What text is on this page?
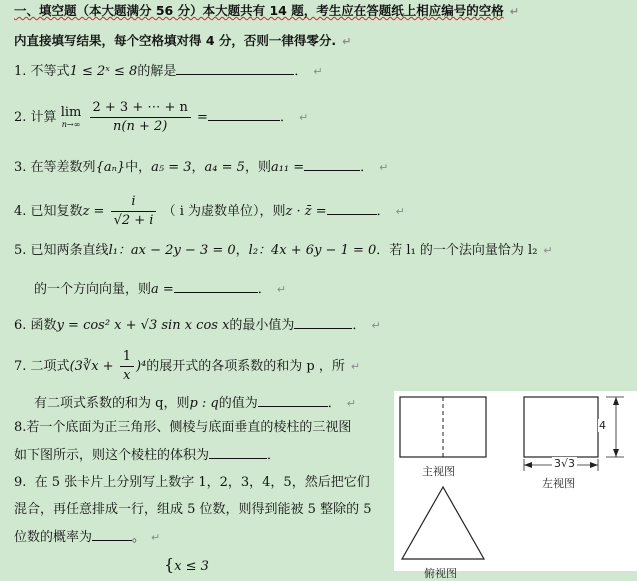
一、填空题（本大题满分 56 分）本大题共有 14 题，考生应在答题纸上相应编号的空格 ↵
内直接填写结果，每个空格填对得 4 分，否则一律得零分. ↵
1. 不等式1 ≤ 2ˣ ≤ 8的解是	． ↵
2. 计算 lim
n→∞
$\frac{2 + 3 + \cdots + n}{n(n + 2)}$ =	． ↵
3. 在等差数列{aₙ}中，a₅ = 3，a₄ = 5，则a₁₁ =	． ↵
4. 已知复数$z = \frac{i}{√2 + i}$ （ i 为虚数单位），则z · z̄ =	． ↵
5. 已知两条直线l₁：ax − 2y − 3 = 0，l₂：4x + 6y − 1 = 0．若 l₁ 的一个法向量恰为 l₂ ↵
的一个方向向量，则a =	． ↵
6. 函数y = cos² x + √3 sin x cos x的最小值为	． ↵
7. 二项式(3∛x + $\frac{1}{x} )^4$的展开式的各项系数的和为 p ，所 ↵
有二项式系数的和为 q，则p : q的值为	． ↵
8.若一个底面为正三角形、侧棱与底面垂直的棱柱的三视图
如下图所示，则这个棱柱的体积为	．
9. 在 5 张卡片上分别写上数字 1，2，3，4，5，然后把它们
混合，再任意排成一行，组成 5 位数，则得到能被 5 整除的 5
位数的概率为	。 ↵
{x ≤ 3
4
3√3
主视图
左视图
俯视图
